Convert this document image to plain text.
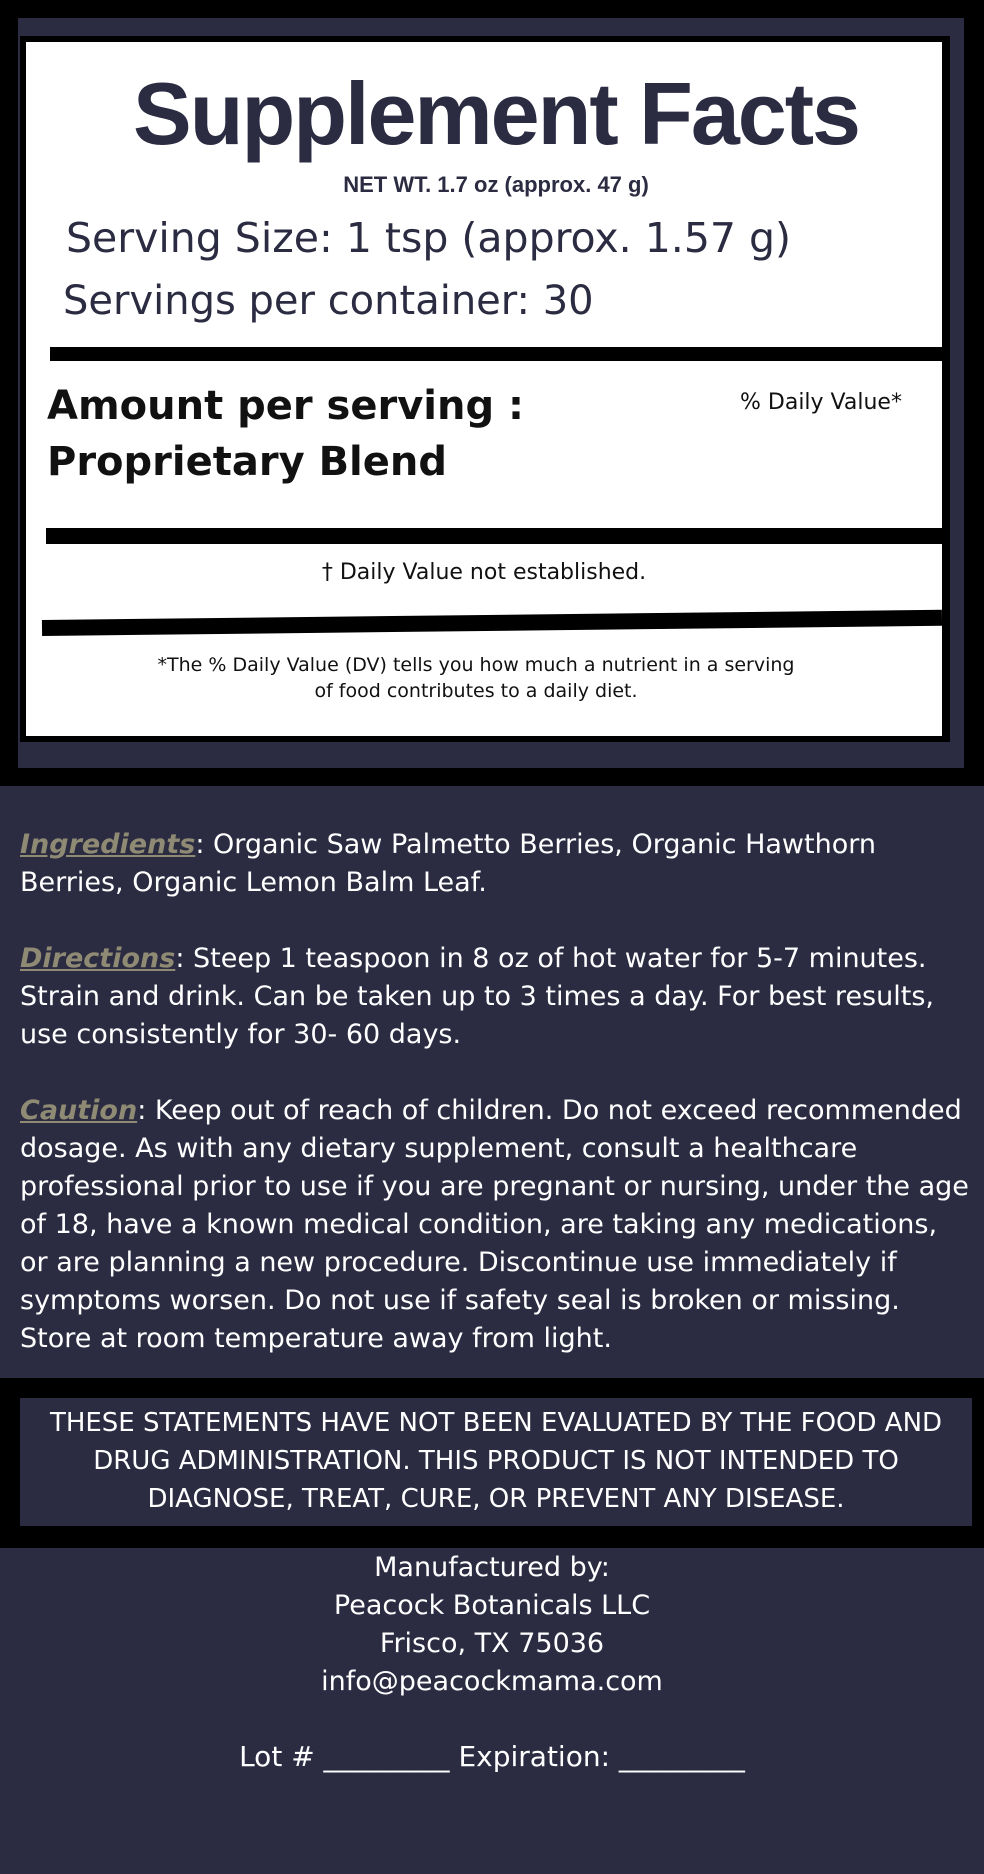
Supplement Facts
NET WT. 1.7 oz (approx. 47 g)
Serving Size: 1 tsp (approx. 1.57 g)
Servings per container: 30
Amount per serving : Proprietary Blend
% Daily Value*
† Daily Value not established.
*The % Daily Value (DV) tells you how much a nutrient in a serving
of food contributes to a daily diet.

Ingredients: Organic Saw Palmetto Berries, Organic Hawthorn Berries, Organic Lemon Balm Leaf.

Directions: Steep 1 teaspoon in 8 oz of hot water for 5-7 minutes. Strain and drink. Can be taken up to 3 times a day. For best results, use consistently for 30- 60 days.

Caution: Keep out of reach of children. Do not exceed recommended dosage. As with any dietary supplement, consult a healthcare professional prior to use if you are pregnant or nursing, under the age of 18, have a known medical condition, are taking any medications, or are planning a new procedure. Discontinue use immediately if symptoms worsen. Do not use if safety seal is broken or missing. Store at room temperature away from light.

THESE STATEMENTS HAVE NOT BEEN EVALUATED BY THE FOOD AND DRUG ADMINISTRATION. THIS PRODUCT IS NOT INTENDED TO DIAGNOSE, TREAT, CURE, OR PREVENT ANY DISEASE.
Manufactured by:
Peacock Botanicals LLC
Frisco, TX 75036
info@peacockmama.com
Lot # _________ Expiration: _________
